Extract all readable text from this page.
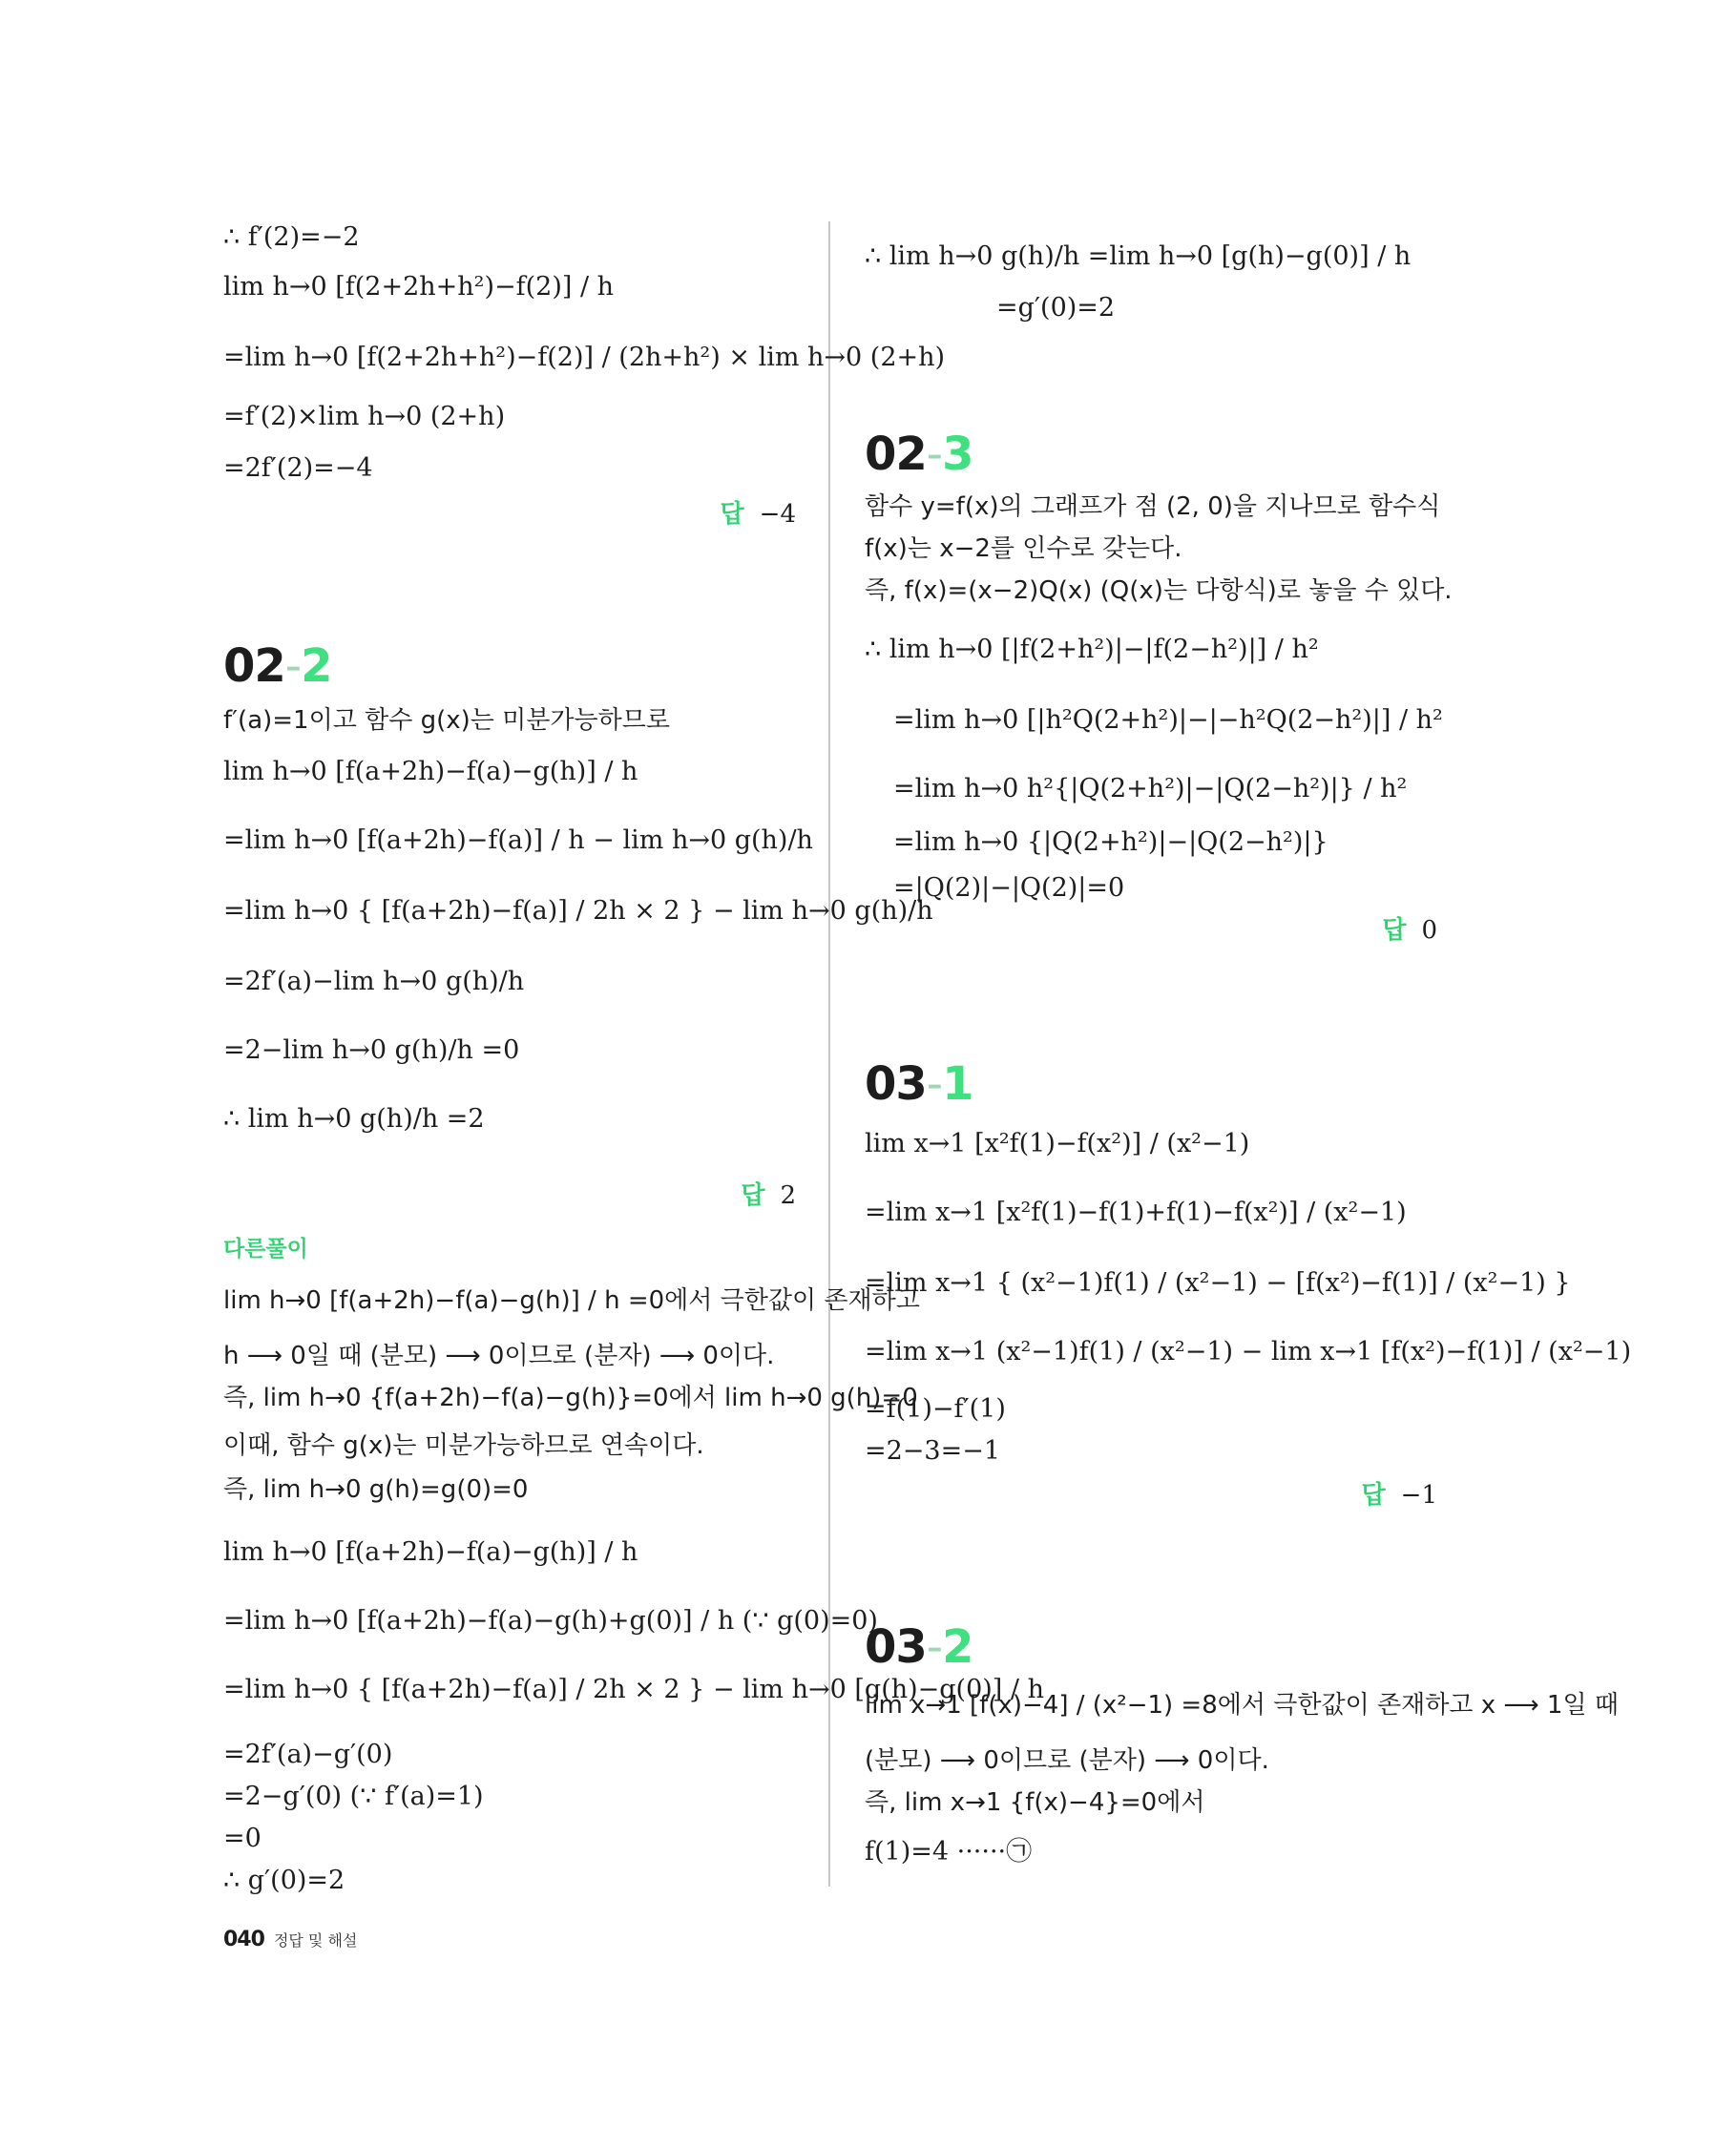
∴ f′(2)=−2
lim h→0 [f(2+2h+h²)−f(2)] / h
=lim h→0 [f(2+2h+h²)−f(2)] / (2h+h²) × lim h→0 (2+h)
=f′(2)×lim h→0 (2+h)
=2f′(2)=−4
답 −4
02-2
f′(a)=1이고 함수 g(x)는 미분가능하므로
lim h→0 [f(a+2h)−f(a)−g(h)] / h
=lim h→0 [f(a+2h)−f(a)] / h − lim h→0 g(h)/h
=lim h→0 { [f(a+2h)−f(a)] / 2h × 2 } − lim h→0 g(h)/h
=2f′(a)−lim h→0 g(h)/h
=2−lim h→0 g(h)/h =0
∴ lim h→0 g(h)/h =2
답 2
다른풀이
lim h→0 [f(a+2h)−f(a)−g(h)] / h =0에서 극한값이 존재하고
h ⟶ 0일 때 (분모) ⟶ 0이므로 (분자) ⟶ 0이다.
즉, lim h→0 {f(a+2h)−f(a)−g(h)}=0에서 lim h→0 g(h)=0
이때, 함수 g(x)는 미분가능하므로 연속이다.
즉, lim h→0 g(h)=g(0)=0
lim h→0 [f(a+2h)−f(a)−g(h)] / h
=lim h→0 [f(a+2h)−f(a)−g(h)+g(0)] / h (∵ g(0)=0)
=lim h→0 { [f(a+2h)−f(a)] / 2h × 2 } − lim h→0 [g(h)−g(0)] / h
=2f′(a)−g′(0)
=2−g′(0) (∵ f′(a)=1)
=0
∴ g′(0)=2
∴ lim h→0 g(h)/h =lim h→0 [g(h)−g(0)] / h
=g′(0)=2
02-3
함수 y=f(x)의 그래프가 점 (2, 0)을 지나므로 함수식
f(x)는 x−2를 인수로 갖는다.
즉, f(x)=(x−2)Q(x) (Q(x)는 다항식)로 놓을 수 있다.
∴ lim h→0 [|f(2+h²)|−|f(2−h²)|] / h²
=lim h→0 [|h²Q(2+h²)|−|−h²Q(2−h²)|] / h²
=lim h→0 h²{|Q(2+h²)|−|Q(2−h²)|} / h²
=lim h→0 {|Q(2+h²)|−|Q(2−h²)|}
=|Q(2)|−|Q(2)|=0
답 0
03-1
lim x→1 [x²f(1)−f(x²)] / (x²−1)
=lim x→1 [x²f(1)−f(1)+f(1)−f(x²)] / (x²−1)
=lim x→1 { (x²−1)f(1) / (x²−1) − [f(x²)−f(1)] / (x²−1) }
=lim x→1 (x²−1)f(1) / (x²−1) − lim x→1 [f(x²)−f(1)] / (x²−1)
=f(1)−f′(1)
=2−3=−1
답 −1
03-2
lim x→1 [f(x)−4] / (x²−1) =8에서 극한값이 존재하고 x ⟶ 1일 때
(분모) ⟶ 0이므로 (분자) ⟶ 0이다.
즉, lim x→1 {f(x)−4}=0에서
f(1)=4 ······㉠
040 정답 및 해설
